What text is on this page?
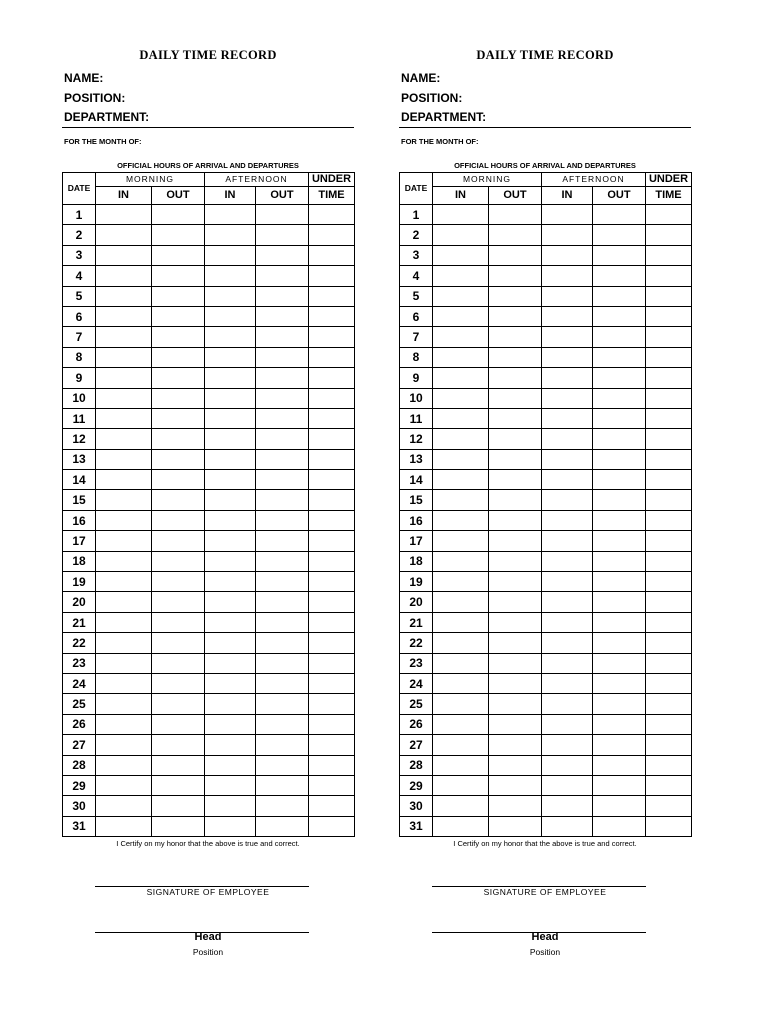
DAILY TIME RECORD
NAME:
POSITION:
DEPARTMENT:
FOR THE MONTH OF:
OFFICIAL HOURS OF ARRIVAL AND DEPARTURES
DATE	MORNING		AFTERNOON		UNDER
	IN	OUT	IN	OUT	TIME
1					
2					
3					
4					
5					
6					
7					
8					
9					
10					
11					
12					
13					
14					
15					
16					
17					
18					
19					
20					
21					
22					
23					
24					
25					
26					
27					
28					
29					
30					
31					
I Certify on my honor that the above is true and correct.
SIGNATURE OF EMPLOYEE
Head
Position
DAILY TIME RECORD
NAME:
POSITION:
DEPARTMENT:
FOR THE MONTH OF:
OFFICIAL HOURS OF ARRIVAL AND DEPARTURES
DATE	MORNING		AFTERNOON		UNDER
	IN	OUT	IN	OUT	TIME
1					
2					
3					
4					
5					
6					
7					
8					
9					
10					
11					
12					
13					
14					
15					
16					
17					
18					
19					
20					
21					
22					
23					
24					
25					
26					
27					
28					
29					
30					
31					
I Certify on my honor that the above is true and correct.
SIGNATURE OF EMPLOYEE
Head
Position
